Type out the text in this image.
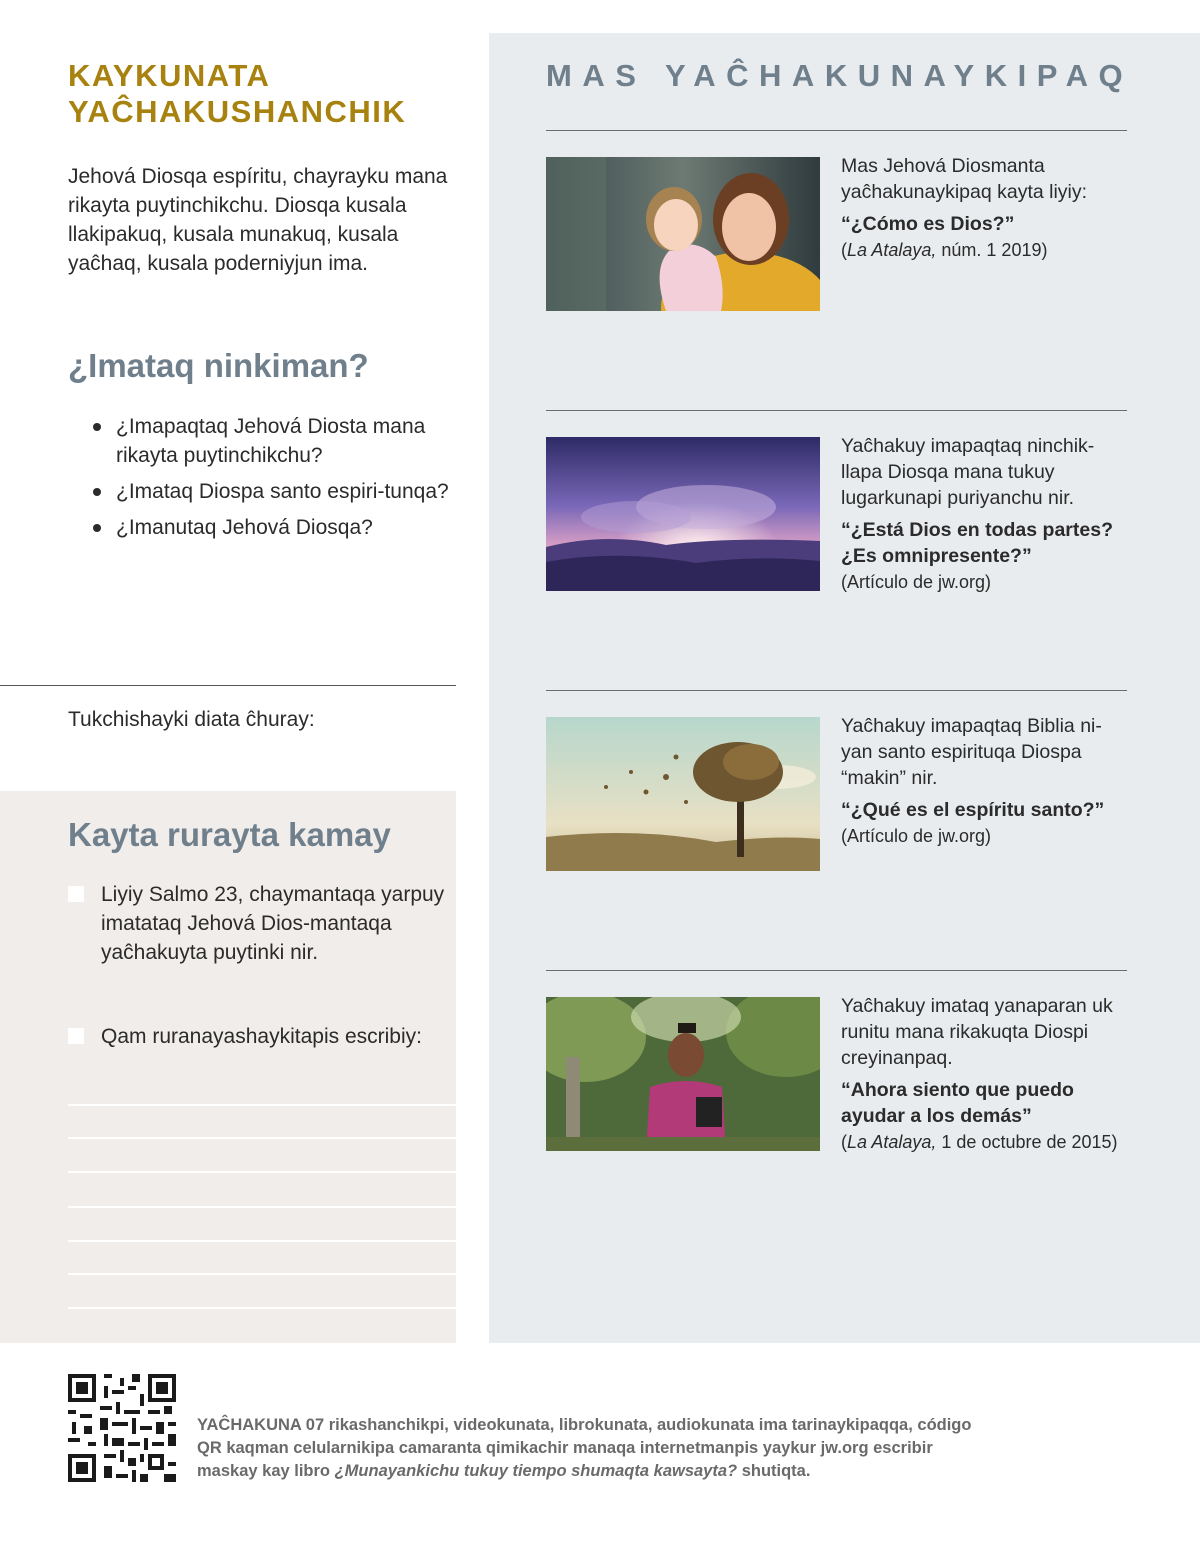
KAYKUNATA YAĈHAKUSHANCHIK

Jehová Diosqa espíritu, chayrayku mana rikayta puytinchikchu. Diosqa kusala llakipakuq, kusala munakuq, kusala yaĉhaq, kusala poderniyjun ima.

¿Imataq ninkiman?
¿Imapaqtaq Jehová Diosta mana rikayta puytinchikchu?
¿Imataq Diospa santo espiri-tunqa?
¿Imanutaq Jehová Diosqa?
Tukchishayki diata ĉhuray:
Kayta rurayta kamay
Liyiy Salmo 23, chaymantaqa yarpuy imatataq Jehová Dios-mantaqa yaĉhakuyta puytinki nir.
Qam ruranayashaykitapis escribiy:
MAS YAĈHAKUNAYKIPAQ
Mas Jehová Diosmanta yaĉhakunaykipaq kayta liyiy:
“¿Cómo es Dios?”
(La Atalaya, núm. 1 2019)
Yaĉhakuy imapaqtaq ninchik-llapa Diosqa mana tukuy lugarkunapi puriyanchu nir.
“¿Está Dios en todas partes? ¿Es omnipresente?”
(Artículo de jw.org)
Yaĉhakuy imapaqtaq Biblia ni-yan santo espirituqa Diospa “makin” nir.
“¿Qué es el espíritu santo?”
(Artículo de jw.org)
Yaĉhakuy imataq yanaparan uk runitu mana rikakuqta Diospi creyinanpaq.
“Ahora siento que puedo ayudar a los demás”
(La Atalaya, 1 de octubre de 2015)

YAĈHAKUNA 07 rikashanchikpi, videokunata, librokunata, audiokunata ima tarinaykipaqqa, código QR kaqman celularnikipa camaranta qimikachir manaqa internetmanpis yaykur jw.org escribir maskay kay libro ¿Munayankichu tukuy tiempo shumaqta kawsayta? shutiqta.
